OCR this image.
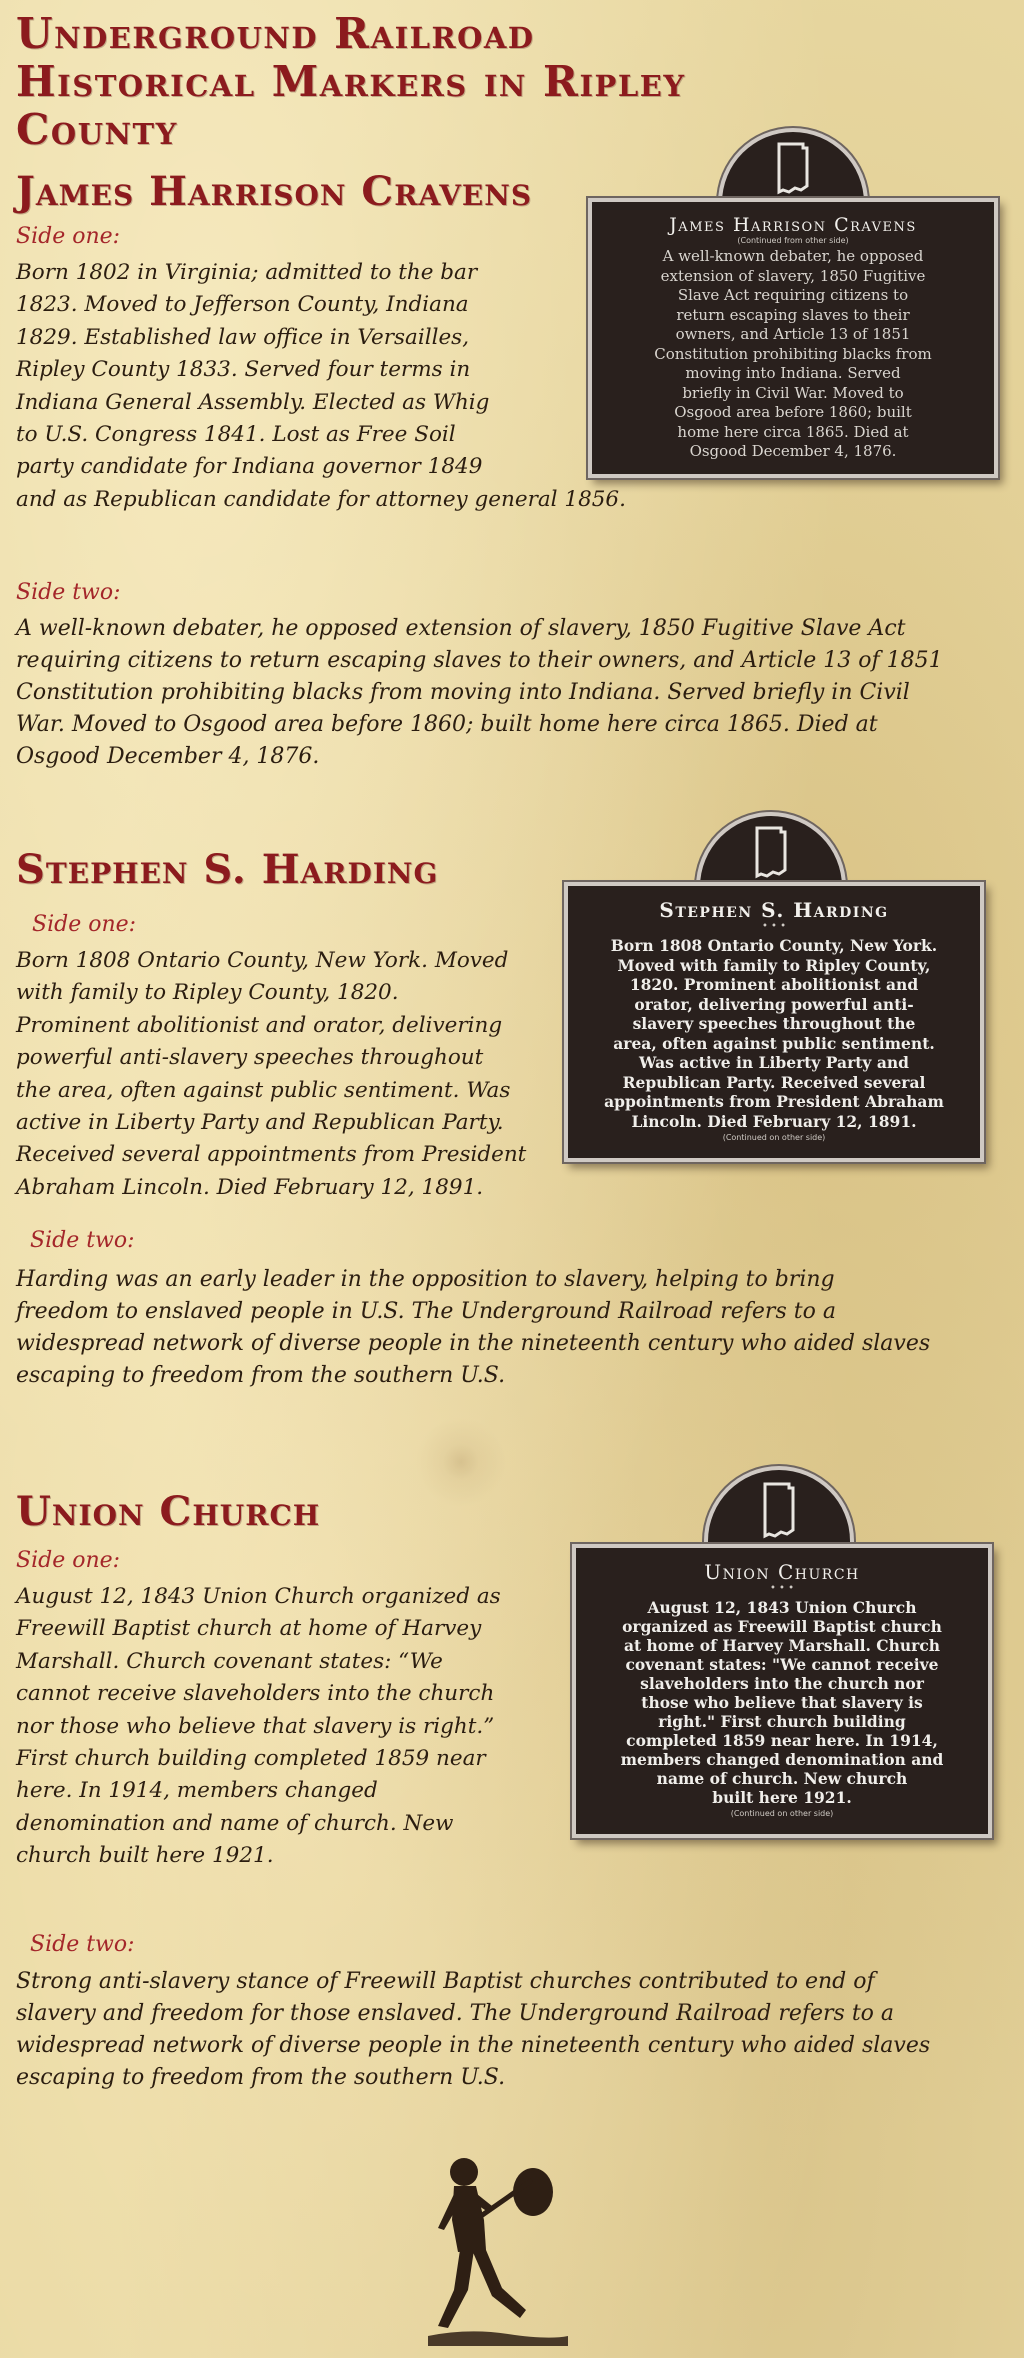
Underground Railroad Historical Markers in Ripley County
James Harrison Cravens
Side one:
Born 1802 in Virginia; admitted to the bar
1823. Moved to Jefferson County, Indiana
1829. Established law office in Versailles,
Ripley County 1833. Served four terms in
Indiana General Assembly. Elected as Whig
to U.S. Congress 1841. Lost as Free Soil
party candidate for Indiana governor 1849
and as Republican candidate for attorney general 1856.
Side two:
A well-known debater, he opposed extension of slavery, 1850 Fugitive Slave Act
requiring citizens to return escaping slaves to their owners, and Article 13 of 1851
Constitution prohibiting blacks from moving into Indiana. Served briefly in Civil
War. Moved to Osgood area before 1860; built home here circa 1865. Died at
Osgood December 4, 1876.
James Harrison Cravens
(Continued from other side)
A well-known debater, he opposed
extension of slavery, 1850 Fugitive
Slave Act requiring citizens to
return escaping slaves to their
owners, and Article 13 of 1851
Constitution prohibiting blacks from
moving into Indiana. Served
briefly in Civil War. Moved to
Osgood area before 1860; built
home here circa 1865. Died at
Osgood December 4, 1876.
Stephen S. Harding
Side one:
Born 1808 Ontario County, New York. Moved
with family to Ripley County, 1820.
Prominent abolitionist and orator, delivering
powerful anti-slavery speeches throughout
the area, often against public sentiment. Was
active in Liberty Party and Republican Party.
Received several appointments from President
Abraham Lincoln. Died February 12, 1891.
Side two:
Harding was an early leader in the opposition to slavery, helping to bring
freedom to enslaved people in U.S. The Underground Railroad refers to a
widespread network of diverse people in the nineteenth century who aided slaves
escaping to freedom from the southern U.S.
Stephen S. Harding
• • •
Born 1808 Ontario County, New York.
Moved with family to Ripley County,
1820. Prominent abolitionist and
orator, delivering powerful anti-
slavery speeches throughout the
area, often against public sentiment.
Was active in Liberty Party and
Republican Party. Received several
appointments from President Abraham
Lincoln. Died February 12, 1891.
(Continued on other side)
Union Church
Side one:
August 12, 1843 Union Church organized as
Freewill Baptist church at home of Harvey
Marshall. Church covenant states: “We
cannot receive slaveholders into the church
nor those who believe that slavery is right.”
First church building completed 1859 near
here. In 1914, members changed
denomination and name of church. New
church built here 1921.
Side two:
Strong anti-slavery stance of Freewill Baptist churches contributed to end of
slavery and freedom for those enslaved. The Underground Railroad refers to a
widespread network of diverse people in the nineteenth century who aided slaves
escaping to freedom from the southern U.S.
Union Church
• • •
August 12, 1843 Union Church
organized as Freewill Baptist church
at home of Harvey Marshall. Church
covenant states: "We cannot receive
slaveholders into the church nor
those who believe that slavery is
right." First church building
completed 1859 near here. In 1914,
members changed denomination and
name of church. New church
built here 1921.
(Continued on other side)
